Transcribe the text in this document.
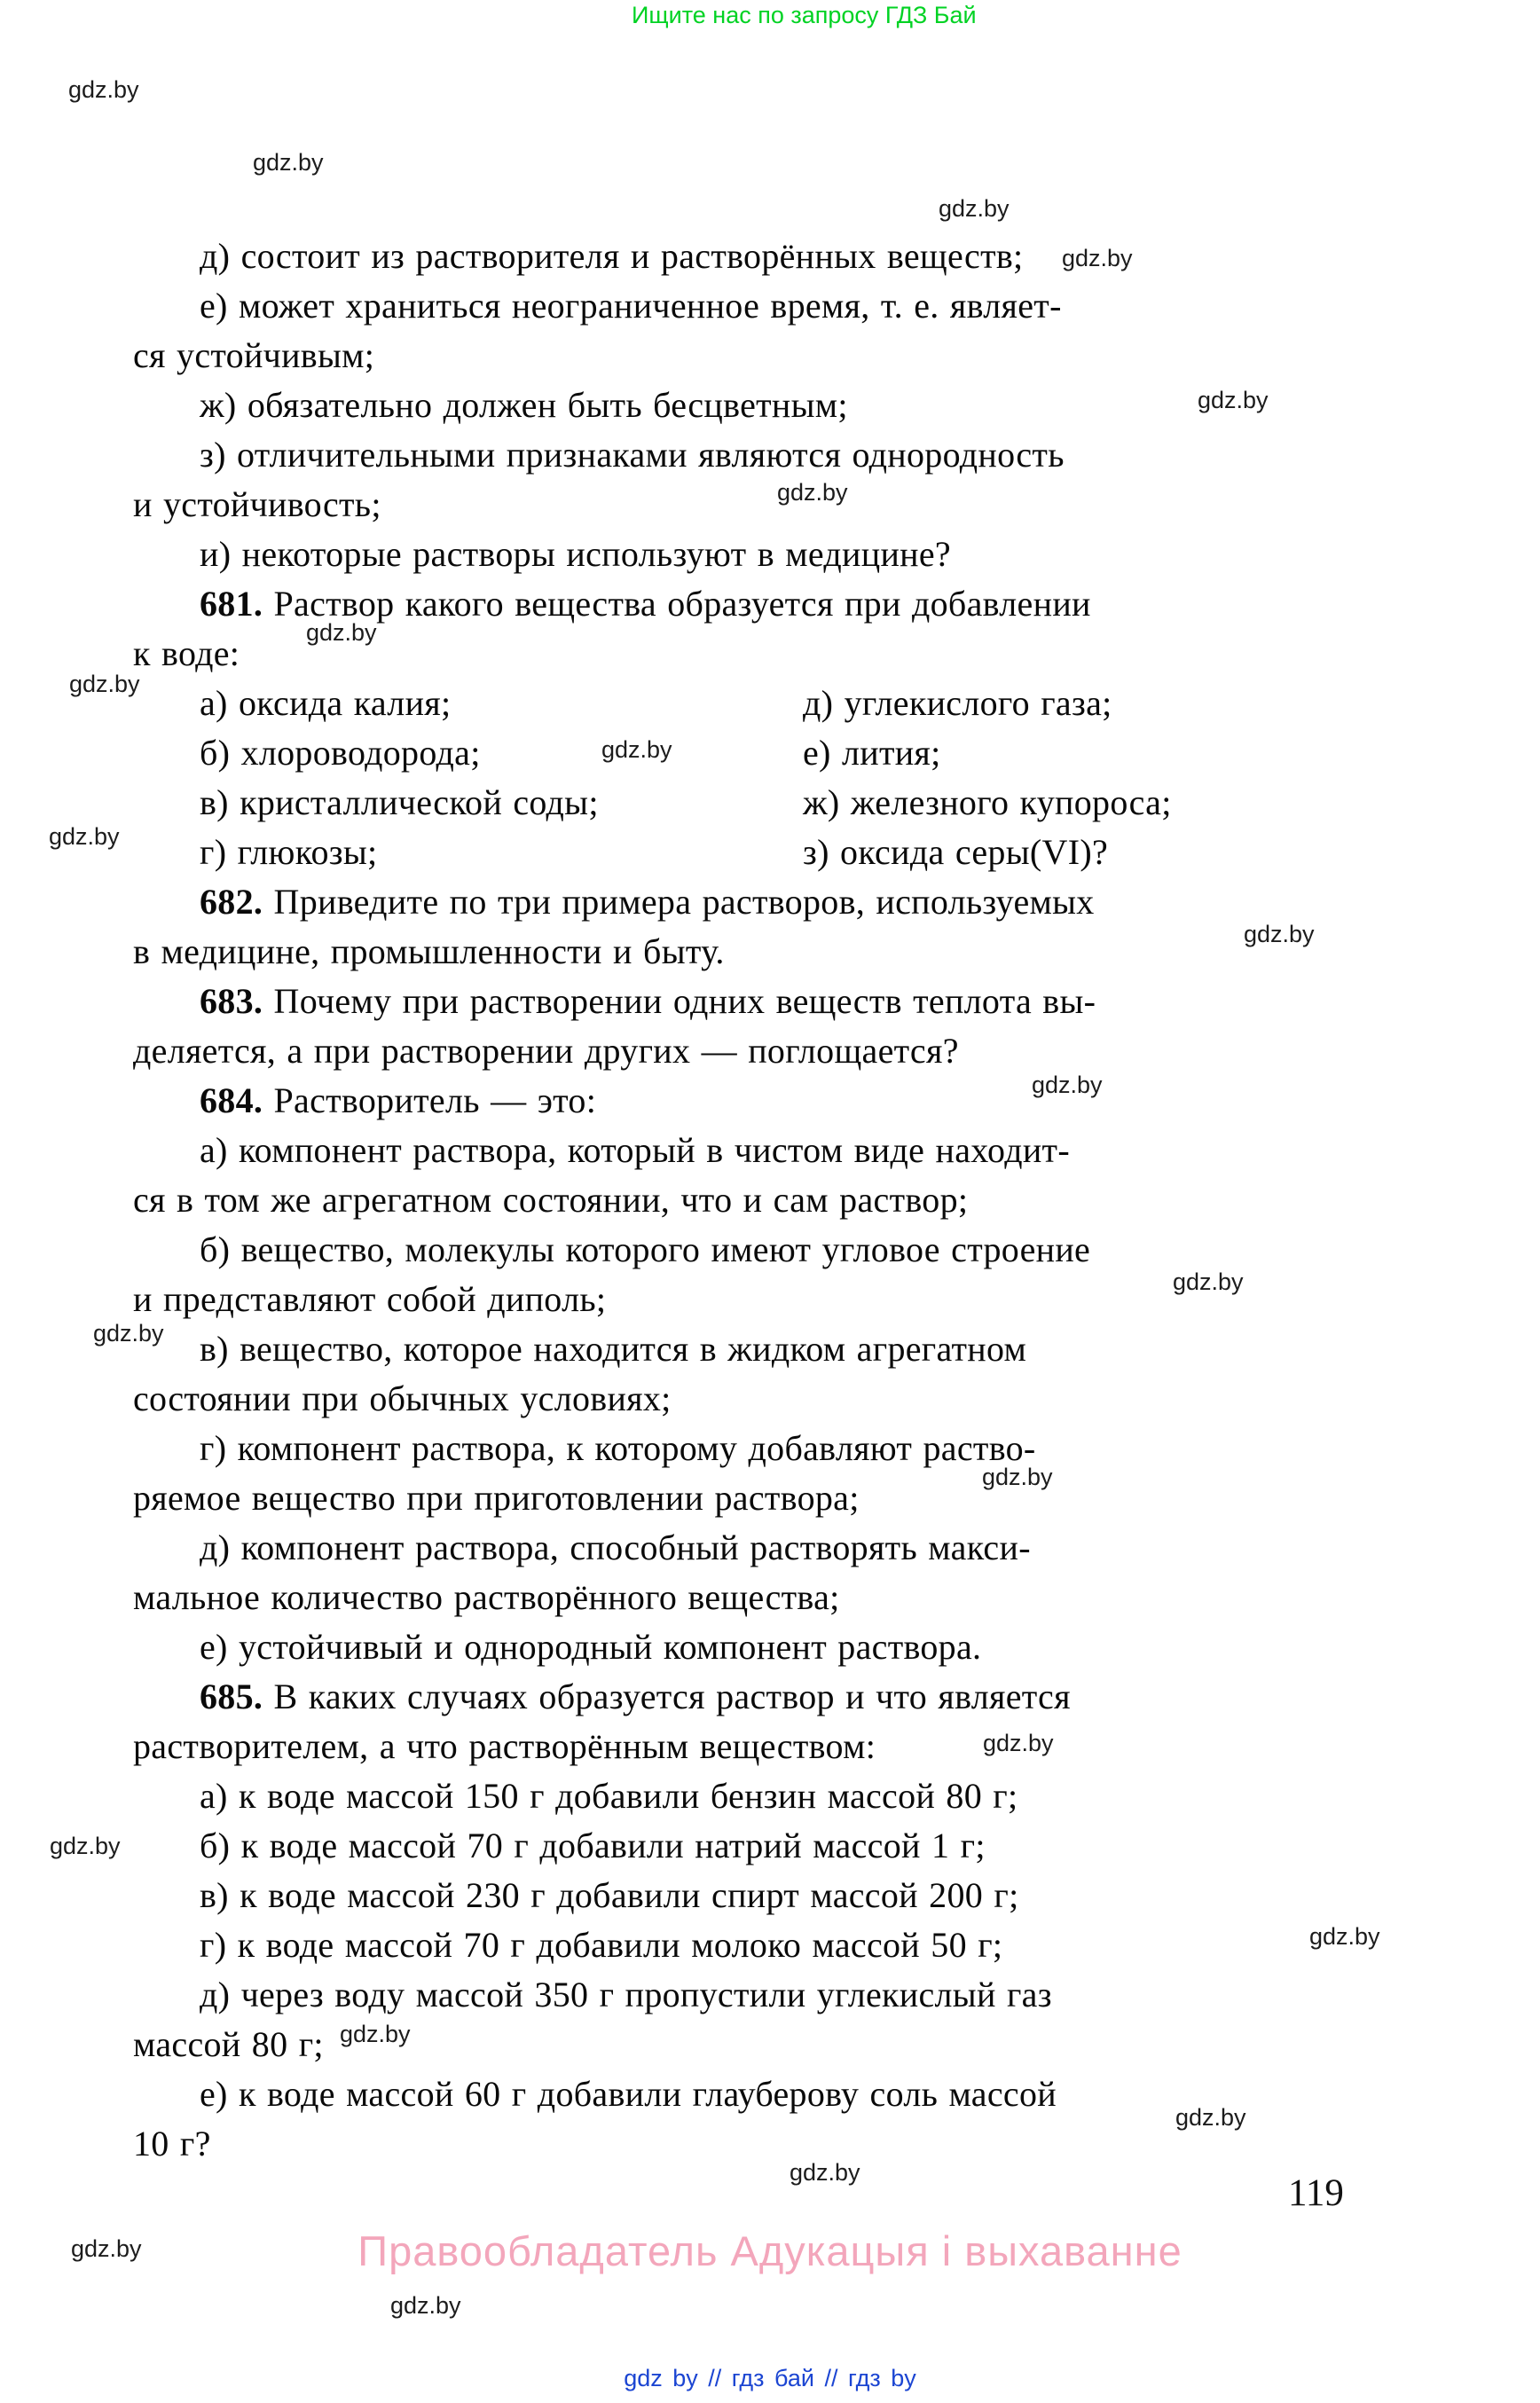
Ищите нас по запросу ГДЗ Бай
119
Правообладатель Адукацыя і выхаванне
gdz by // гдз бай // гдз by
gdz.by
gdz.by
gdz.by
gdz.by
gdz.by
gdz.by
gdz.by
gdz.by
gdz.by
gdz.by
gdz.by
gdz.by
gdz.by
gdz.by
gdz.by
gdz.by
gdz.by
gdz.by
gdz.by
gdz.by
gdz.by
gdz.by
gdz.by
д) состоит из растворителя и растворённых веществ;
е) может храниться неограниченное время, т. е. являет-
ся устойчивым;
ж) обязательно должен быть бесцветным;
з) отличительными признаками являются однородность
и устойчивость;
и) некоторые растворы используют в медицине?
681. Раствор какого вещества образуется при добавлении
к воде:
а) оксида калия;	д) углекислого газа;
б) хлороводорода;	е) лития;
в) кристаллической соды;	ж) железного купороса;
г) глюкозы;	з) оксида серы(VI)?
682. Приведите по три примера растворов, используемых
в медицине, промышленности и быту.
683. Почему при растворении одних веществ теплота вы-
деляется, а при растворении других — поглощается?
684. Растворитель — это:
а) компонент раствора, который в чистом виде находит-
ся в том же агрегатном состоянии, что и сам раствор;
б) вещество, молекулы которого имеют угловое строение
и представляют собой диполь;
в) вещество, которое находится в жидком агрегатном
состоянии при обычных условиях;
г) компонент раствора, к которому добавляют раство-
ряемое вещество при приготовлении раствора;
д) компонент раствора, способный растворять макси-
мальное количество растворённого вещества;
е) устойчивый и однородный компонент раствора.
685. В каких случаях образуется раствор и что является
растворителем, а что растворённым веществом:
а) к воде массой 150 г добавили бензин массой 80 г;
б) к воде массой 70 г добавили натрий массой 1 г;
в) к воде массой 230 г добавили спирт массой 200 г;
г) к воде массой 70 г добавили молоко массой 50 г;
д) через воду массой 350 г пропустили углекислый газ
массой 80 г;
е) к воде массой 60 г добавили глауберову соль массой
10 г?
